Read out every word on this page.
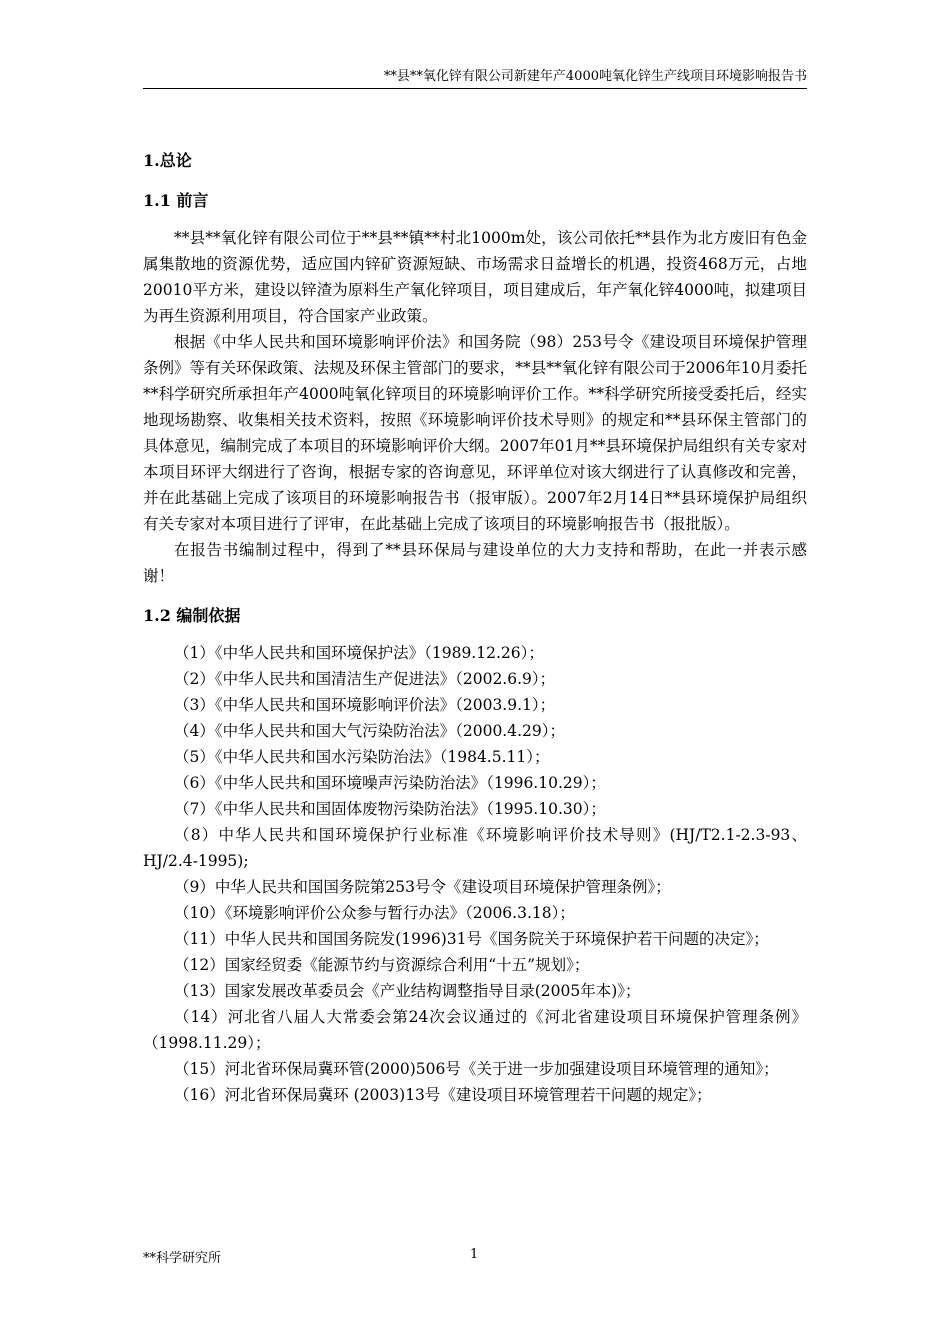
**县**氧化锌有限公司新建年产4000吨氧化锌生产线项目环境影响报告书
1.总论
1.1 前言

**县**氧化锌有限公司位于**县**镇**村北1000m处，该公司依托**县作为北方废旧有色金属集散地的资源优势，适应国内锌矿资源短缺、市场需求日益增长的机遇，投资468万元，占地20010平方米，建设以锌渣为原料生产氧化锌项目，项目建成后，年产氧化锌4000吨，拟建项目为再生资源利用项目，符合国家产业政策。

根据《中华人民共和国环境影响评价法》和国务院（98）253号令《建设项目环境保护管理条例》等有关环保政策、法规及环保主管部门的要求，**县**氧化锌有限公司于2006年10月委托**科学研究所承担年产4000吨氧化锌项目的环境影响评价工作。**科学研究所接受委托后，经实地现场勘察、收集相关技术资料，按照《环境影响评价技术导则》的规定和**县环保主管部门的具体意见，编制完成了本项目的环境影响评价大纲。2007年01月**县环境保护局组织有关专家对本项目环评大纲进行了咨询，根据专家的咨询意见，环评单位对该大纲进行了认真修改和完善，并在此基础上完成了该项目的环境影响报告书（报审版）。2007年2月14日**县环境保护局组织有关专家对本项目进行了评审，在此基础上完成了该项目的环境影响报告书（报批版）。

在报告书编制过程中，得到了**县环保局与建设单位的大力支持和帮助，在此一并表示感谢！

1.2 编制依据

（1）《中华人民共和国环境保护法》（1989.12.26）；

（2）《中华人民共和国清洁生产促进法》（2002.6.9）；

（3）《中华人民共和国环境影响评价法》（2003.9.1）；

（4）《中华人民共和国大气污染防治法》（2000.4.29）；

（5）《中华人民共和国水污染防治法》（1984.5.11）；

（6）《中华人民共和国环境噪声污染防治法》（1996.10.29）；

（7）《中华人民共和国固体废物污染防治法》（1995.10.30）；

（8）中华人民共和国环境保护行业标准《环境影响评价技术导则》(HJ/T2.1-2.3-93、HJ/2.4-1995);

（9）中华人民共和国国务院第253号令《建设项目环境保护管理条例》；

（10）《环境影响评价公众参与暂行办法》（2006.3.18）；

（11）中华人民共和国国务院发(1996)31号《国务院关于环境保护若干问题的决定》；

（12）国家经贸委《能源节约与资源综合利用“十五”规划》；

（13）国家发展改革委员会《产业结构调整指导目录(2005年本)》；

（14）河北省八届人大常委会第24次会议通过的《河北省建设项目环境保护管理条例》（1998.11.29）；

（15）河北省环保局冀环管(2000)506号《关于进一步加强建设项目环境管理的通知》；

（16）河北省环保局冀环 (2003)13号《建设项目环境管理若干问题的规定》；

**科学研究所	1
